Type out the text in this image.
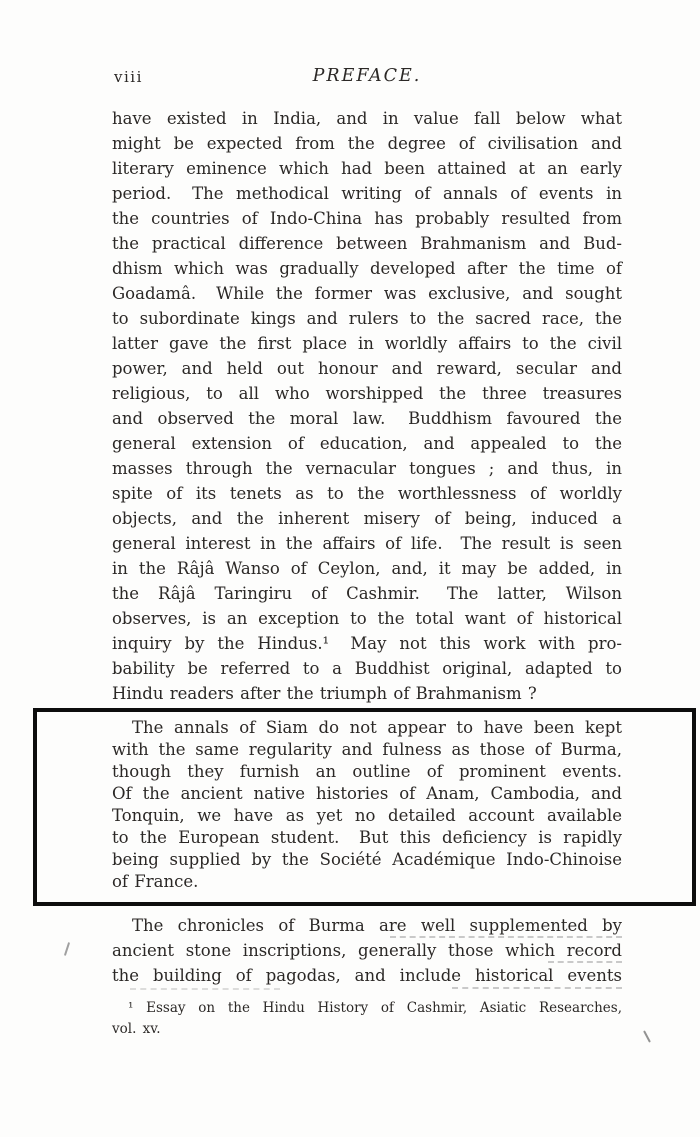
viii	PREFACE.
have existed in India, and in value fall below what
might be expected from the degree of civilisation and
literary eminence which had been attained at an early
period.  The methodical writing of annals of events in
the countries of Indo-China has probably resulted from
the practical difference between Brahmanism and Bud-
dhism which was gradually developed after the time of
Goadamâ.  While the former was exclusive, and sought
to subordinate kings and rulers to the sacred race, the
latter gave the first place in worldly affairs to the civil
power, and held out honour and reward, secular and
religious, to all who worshipped the three treasures
and observed the moral law.  Buddhism favoured the
general extension of education, and appealed to the
masses through the vernacular tongues ; and thus, in
spite of its tenets as to the worthlessness of worldly
objects, and the inherent misery of being, induced a
general interest in the affairs of life.  The result is seen
in the Râjâ Wanso of Ceylon, and, it may be added, in
the Râjâ Taringiru of Cashmir.  The latter, Wilson
observes, is an exception to the total want of historical
inquiry by the Hindus.¹  May not this work with pro-
bability be referred to a Buddhist original, adapted to
Hindu readers after the triumph of Brahmanism ?
The annals of Siam do not appear to have been kept
with the same regularity and fulness as those of Burma,
though they furnish an outline of prominent events.
Of the ancient native histories of Anam, Cambodia, and
Tonquin, we have as yet no detailed account available
to the European student.  But this deficiency is rapidly
being supplied by the Société Académique Indo-Chinoise
of France.
The chronicles of Burma are well supplemented by
ancient stone inscriptions, generally those which record
the building of pagodas, and include historical events
¹ Essay on the Hindu History of Cashmir, Asiatic Researches,
vol. xv.
